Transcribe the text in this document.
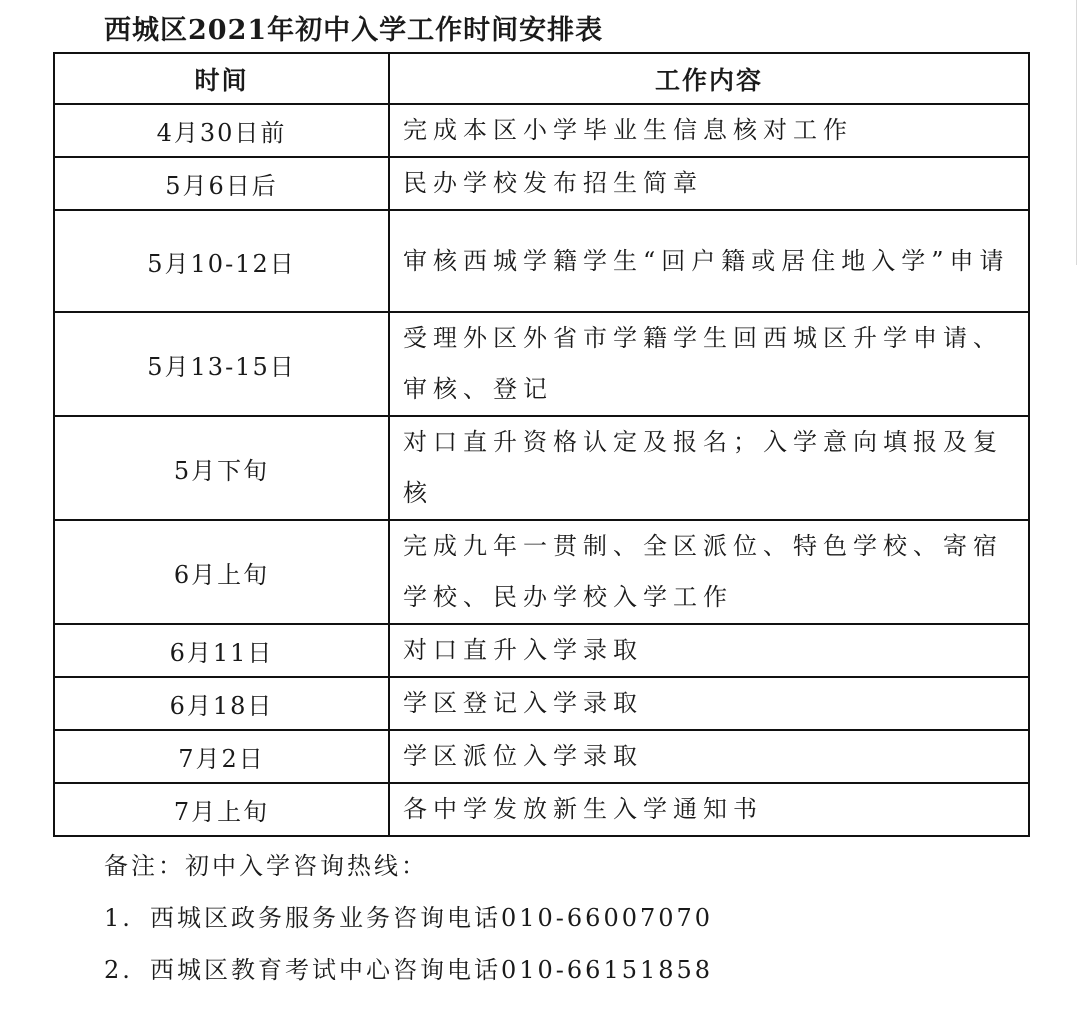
西城区2021年初中入学工作时间安排表
时间	工作内容
4月30日前	完成本区小学毕业生信息核对工作
5月6日后	民办学校发布招生简章
5月10-12日	审核西城学籍学生“回户籍或居住地入学”申请
5月13-15日	受理外区外省市学籍学生回西城区升学申请、审核、登记
5月下旬	对口直升资格认定及报名；入学意向填报及复核
6月上旬	完成九年一贯制、全区派位、特色学校、寄宿学校、民办学校入学工作
6月11日	对口直升入学录取
6月18日	学区登记入学录取
7月2日	学区派位入学录取
7月上旬	各中学发放新生入学通知书
备注：初中入学咨询热线：
1. 西城区政务服务业务咨询电话010-66007070
2. 西城区教育考试中心咨询电话010-66151858
